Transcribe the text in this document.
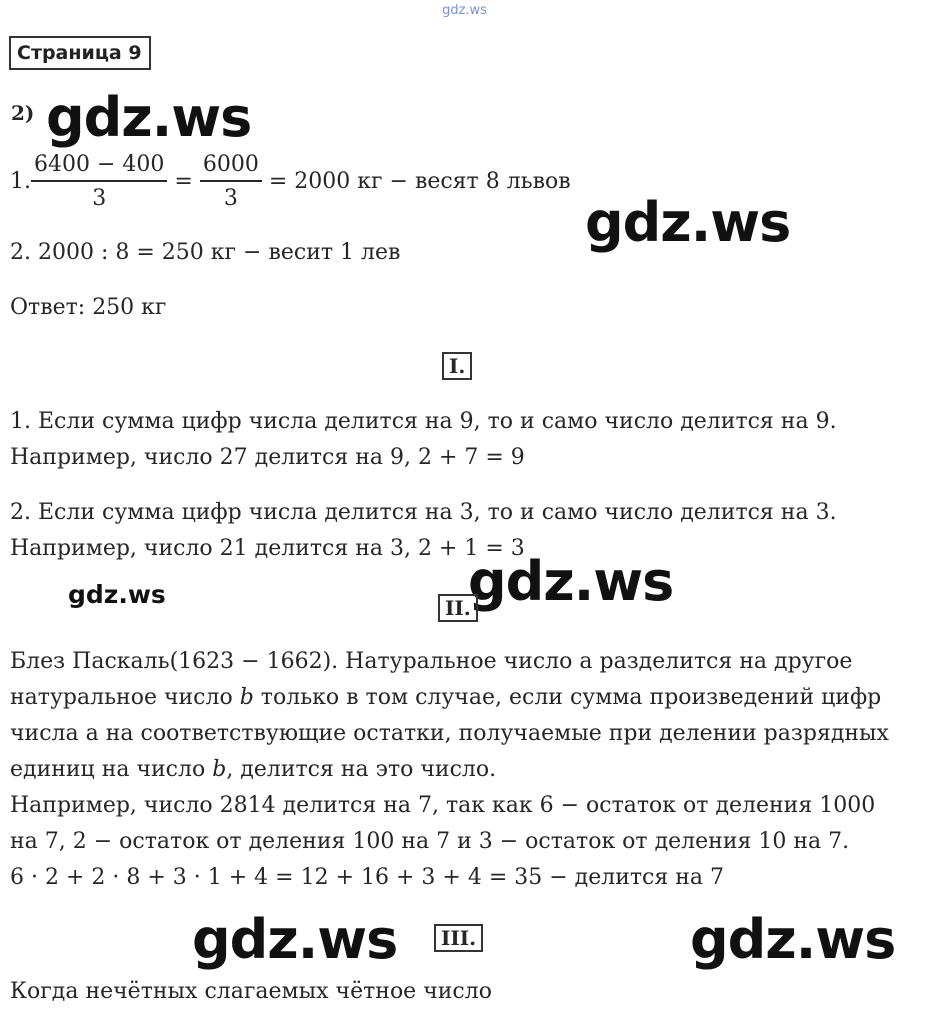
gdz.ws
Страница 9
2) gdz.ws
1. $\frac{6400 - 400}{3} = \frac{6000}{3} = 2000$ кг − весят 8 львов
gdz.ws
2. 2000 : 8 = 250 кг − весит 1 лев
Ответ: 250 кг
I.
1. Если сумма цифр числа делится на 9, то и само число делится на 9.
Например, число 27 делится на 9, 2 + 7 = 9
2. Если сумма цифр числа делится на 3, то и само число делится на 3.
Например, число 21 делится на 3, 2 + 1 = 3
gdz.ws
gdz.ws	II.
Блез Паскаль(1623 − 1662). Натуральное число а разделится на другое
натуральное число b только в том случае, если сумма произведений цифр
числа а на соответствующие остатки, получаемые при делении разрядных
единиц на число b, делится на это число.
Например, число 2814 делится на 7, так как 6 − остаток от деления 1000
на 7, 2 − остаток от деления 100 на 7 и 3 − остаток от деления 10 на 7.
6 · 2 + 2 · 8 + 3 · 1 + 4 = 12 + 16 + 3 + 4 = 35 − делится на 7
gdz.ws	III.	gdz.ws
Когда нечётных слагаемых чётное число
